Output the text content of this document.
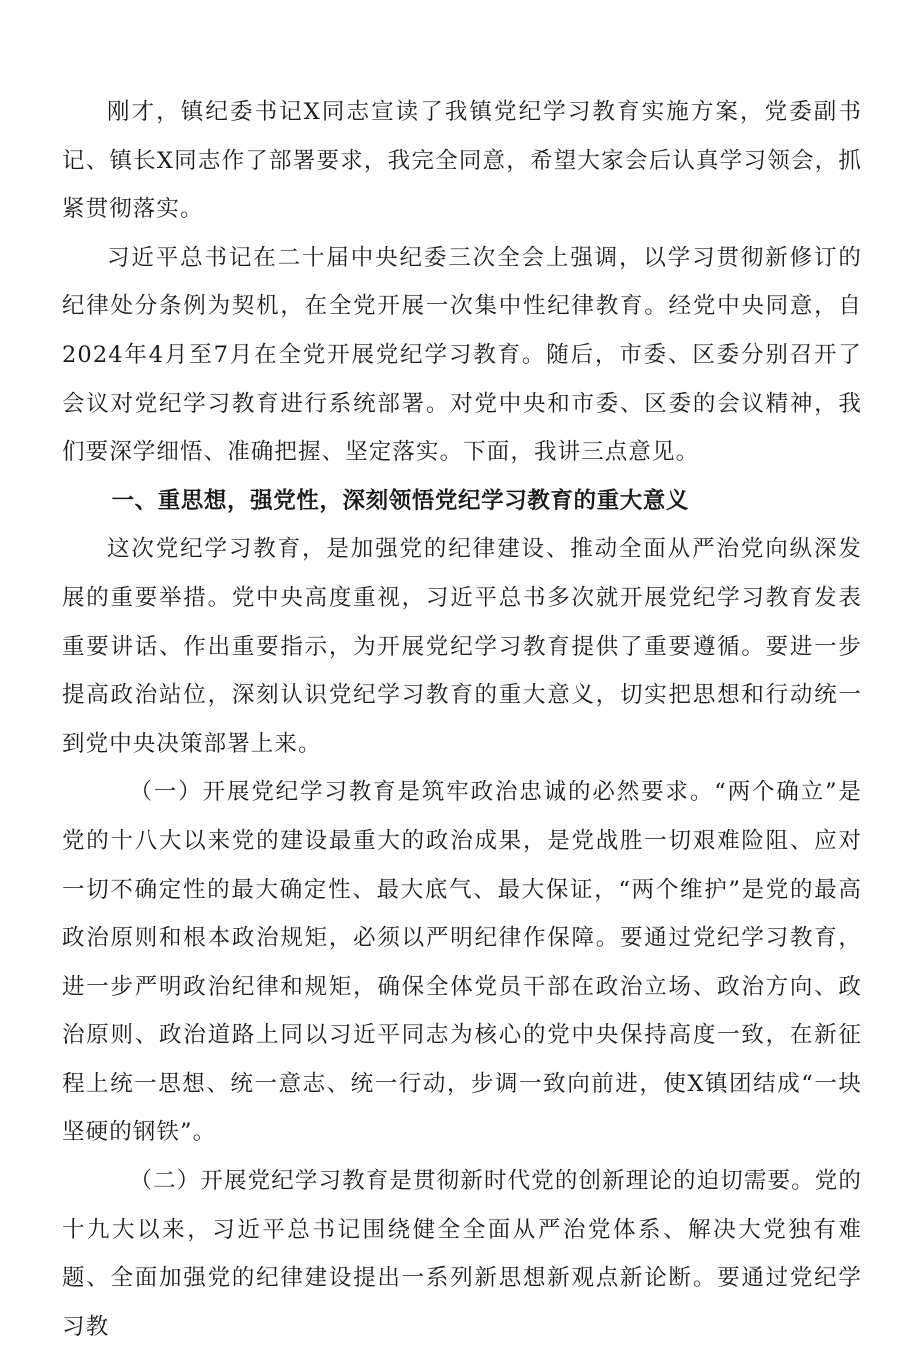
刚才，镇纪委书记X同志宣读了我镇党纪学习教育实施方案，党委副书记、镇长X同志作了部署要求，我完全同意，希望大家会后认真学习领会，抓紧贯彻落实。

习近平总书记在二十届中央纪委三次全会上强调，以学习贯彻新修订的纪律处分条例为契机，在全党开展一次集中性纪律教育。经党中央同意，自2024年4月至7月在全党开展党纪学习教育。随后，市委、区委分别召开了会议对党纪学习教育进行系统部署。对党中央和市委、区委的会议精神，我们要深学细悟、准确把握、坚定落实。下面，我讲三点意见。

一、重思想，强党性，深刻领悟党纪学习教育的重大意义

这次党纪学习教育，是加强党的纪律建设、推动全面从严治党向纵深发展的重要举措。党中央高度重视，习近平总书多次就开展党纪学习教育发表重要讲话、作出重要指示，为开展党纪学习教育提供了重要遵循。要进一步提高政治站位，深刻认识党纪学习教育的重大意义，切实把思想和行动统一到党中央决策部署上来。

（一）开展党纪学习教育是筑牢政治忠诚的必然要求。“两个确立”是党的十八大以来党的建设最重大的政治成果，是党战胜一切艰难险阻、应对一切不确定性的最大确定性、最大底气、最大保证，“两个维护”是党的最高政治原则和根本政治规矩，必须以严明纪律作保障。要通过党纪学习教育，进一步严明政治纪律和规矩，确保全体党员干部在政治立场、政治方向、政治原则、政治道路上同以习近平同志为核心的党中央保持高度一致，在新征程上统一思想、统一意志、统一行动，步调一致向前进，使X镇团结成“一块坚硬的钢铁”。

（二）开展党纪学习教育是贯彻新时代党的创新理论的迫切需要。党的十九大以来，习近平总书记围绕健全全面从严治党体系、解决大党独有难题、全面加强党的纪律建设提出一系列新思想新观点新论断。要通过党纪学习教
